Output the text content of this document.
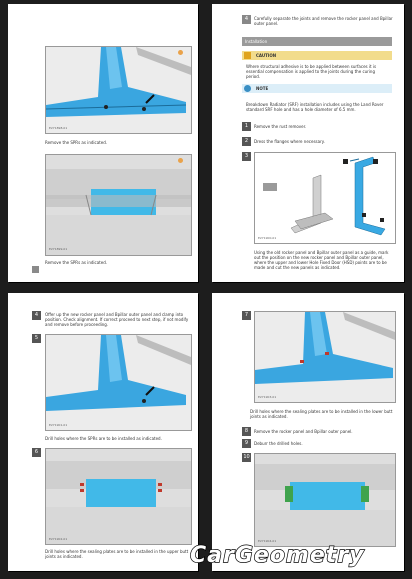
E271898-01
Remove the SPRs as indicated.
E271899-01
Remove the SPRs as indicated.
4	Carefully separate the joints and remove the rocker panel and Bpillar outer panel.
Installation
CAUTION
Where structural adhesive is to be applied between surfaces it is essential compensation is applied to the joints during the curing period.
NOTE
Breakdown Radiator (SRF) installation includes using the Land Rover standard SRF hole and has a hole diameter of 6.5 mm.
1	Remove the rust remover.
2	Dress the flanges where necessary.
3
E271900-01
Using the old rocker panel and Bpillar outer panel as a guide, mark out the position on the new rocker panel and Bpillar outer panel, where the upper and lower Hole Fixed Door (HSD) points are to be made and cut the new panels as indicated.
4	Offer up the new rocker panel and Bpillar outer panel and clamp into position. Check alignment. If correct proceed to next step, if not modify and remove before proceeding.
5
E271901-01
Drill holes where the SPRs are to be installed as indicated.
6
E271902-01
Drill holes where the sealing plates are to be installed in the upper butt joints as indicated.
7
E271903-01
Drill holes where the sealing plates are to be installed in the lower butt joints as indicated.
8	Remove the rocker panel and Bpillar outer panel.
9	Deburr the drilled holes.
10
E271904-01
CarGeometry
